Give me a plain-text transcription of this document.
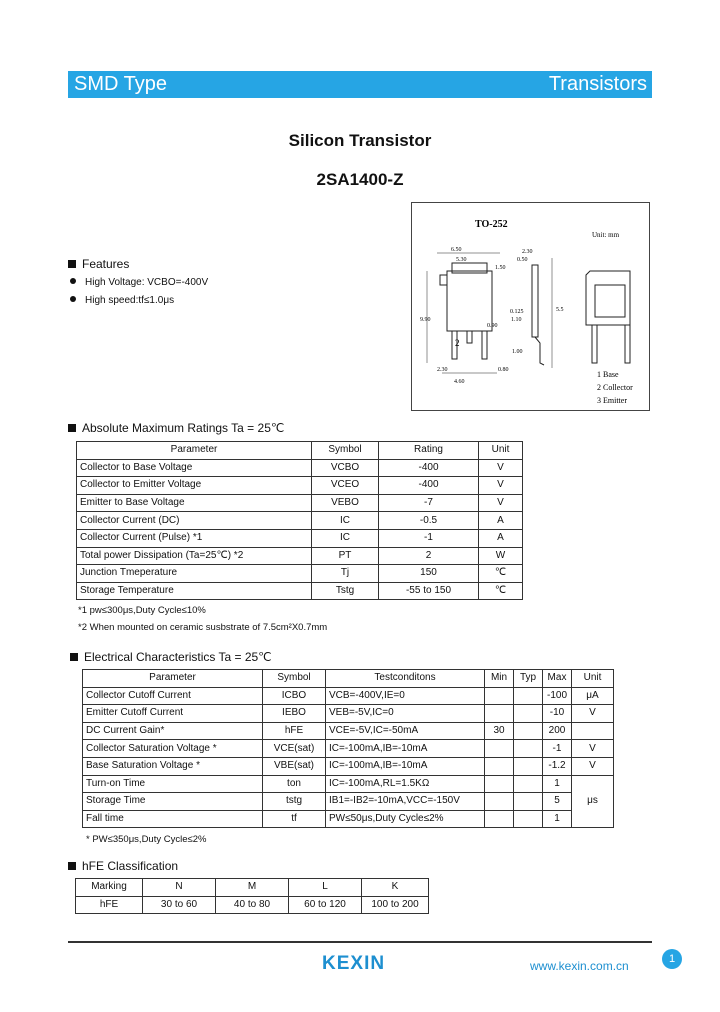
SMD Type	Transistors
Silicon Transistor
2SA1400-Z
TO-252
Unit: mm
6.50
5.30
2.30
1.50
0.50
1.10
0.80
2.30
4.60
0.90
9.90
0.125	5.5
1.00
2
1 Base
2 Collector
3 Emitter
Features
High Voltage: VCBO=-400V
High speed:tf≤1.0μs
Absolute Maximum Ratings Ta = 25℃
Parameter	Symbol	Rating	Unit
Collector to Base Voltage	VCBO	-400	V
Collector to Emitter Voltage	VCEO	-400	V
Emitter to Base Voltage	VEBO	-7	V
Collector Current (DC)	IC	-0.5	A
Collector Current (Pulse) *1	IC	-1	A
Total power Dissipation (Ta=25℃) *2	PT	2	W
Junction Tmeperature	Tj	150	℃
Storage Temperature	Tstg	-55 to 150	℃
*1 pw≤300μs,Duty Cycle≤10%
*2 When mounted on ceramic susbstrate of 7.5cm²X0.7mm
Electrical Characteristics Ta = 25℃
Parameter	Symbol	Testconditons	Min	Typ	Max	Unit
Collector Cutoff Current	ICBO	VCB=-400V,IE=0			-100	μA
Emitter Cutoff Current	IEBO	VEB=-5V,IC=0			-10	V
DC Current Gain*	hFE	VCE=-5V,IC=-50mA	30		200	
Collector Saturation Voltage *	VCE(sat)	IC=-100mA,IB=-10mA			-1	V
Base Saturation Voltage *	VBE(sat)	IC=-100mA,IB=-10mA			-1.2	V
Turn-on Time	ton	IC=-100mA,RL=1.5KΩ			1	μs
Storage Time	tstg	IB1=-IB2=-10mA,VCC=-150V			5	
Fall time	tf	PW≤50μs,Duty Cycle≤2%			1	
* PW≤350μs,Duty Cycle≤2%
hFE Classification
Marking	N	M	L	K
hFE	30 to 60	40 to 80	60 to 120	100 to 200
KEXIN	www.kexin.com.cn	1
